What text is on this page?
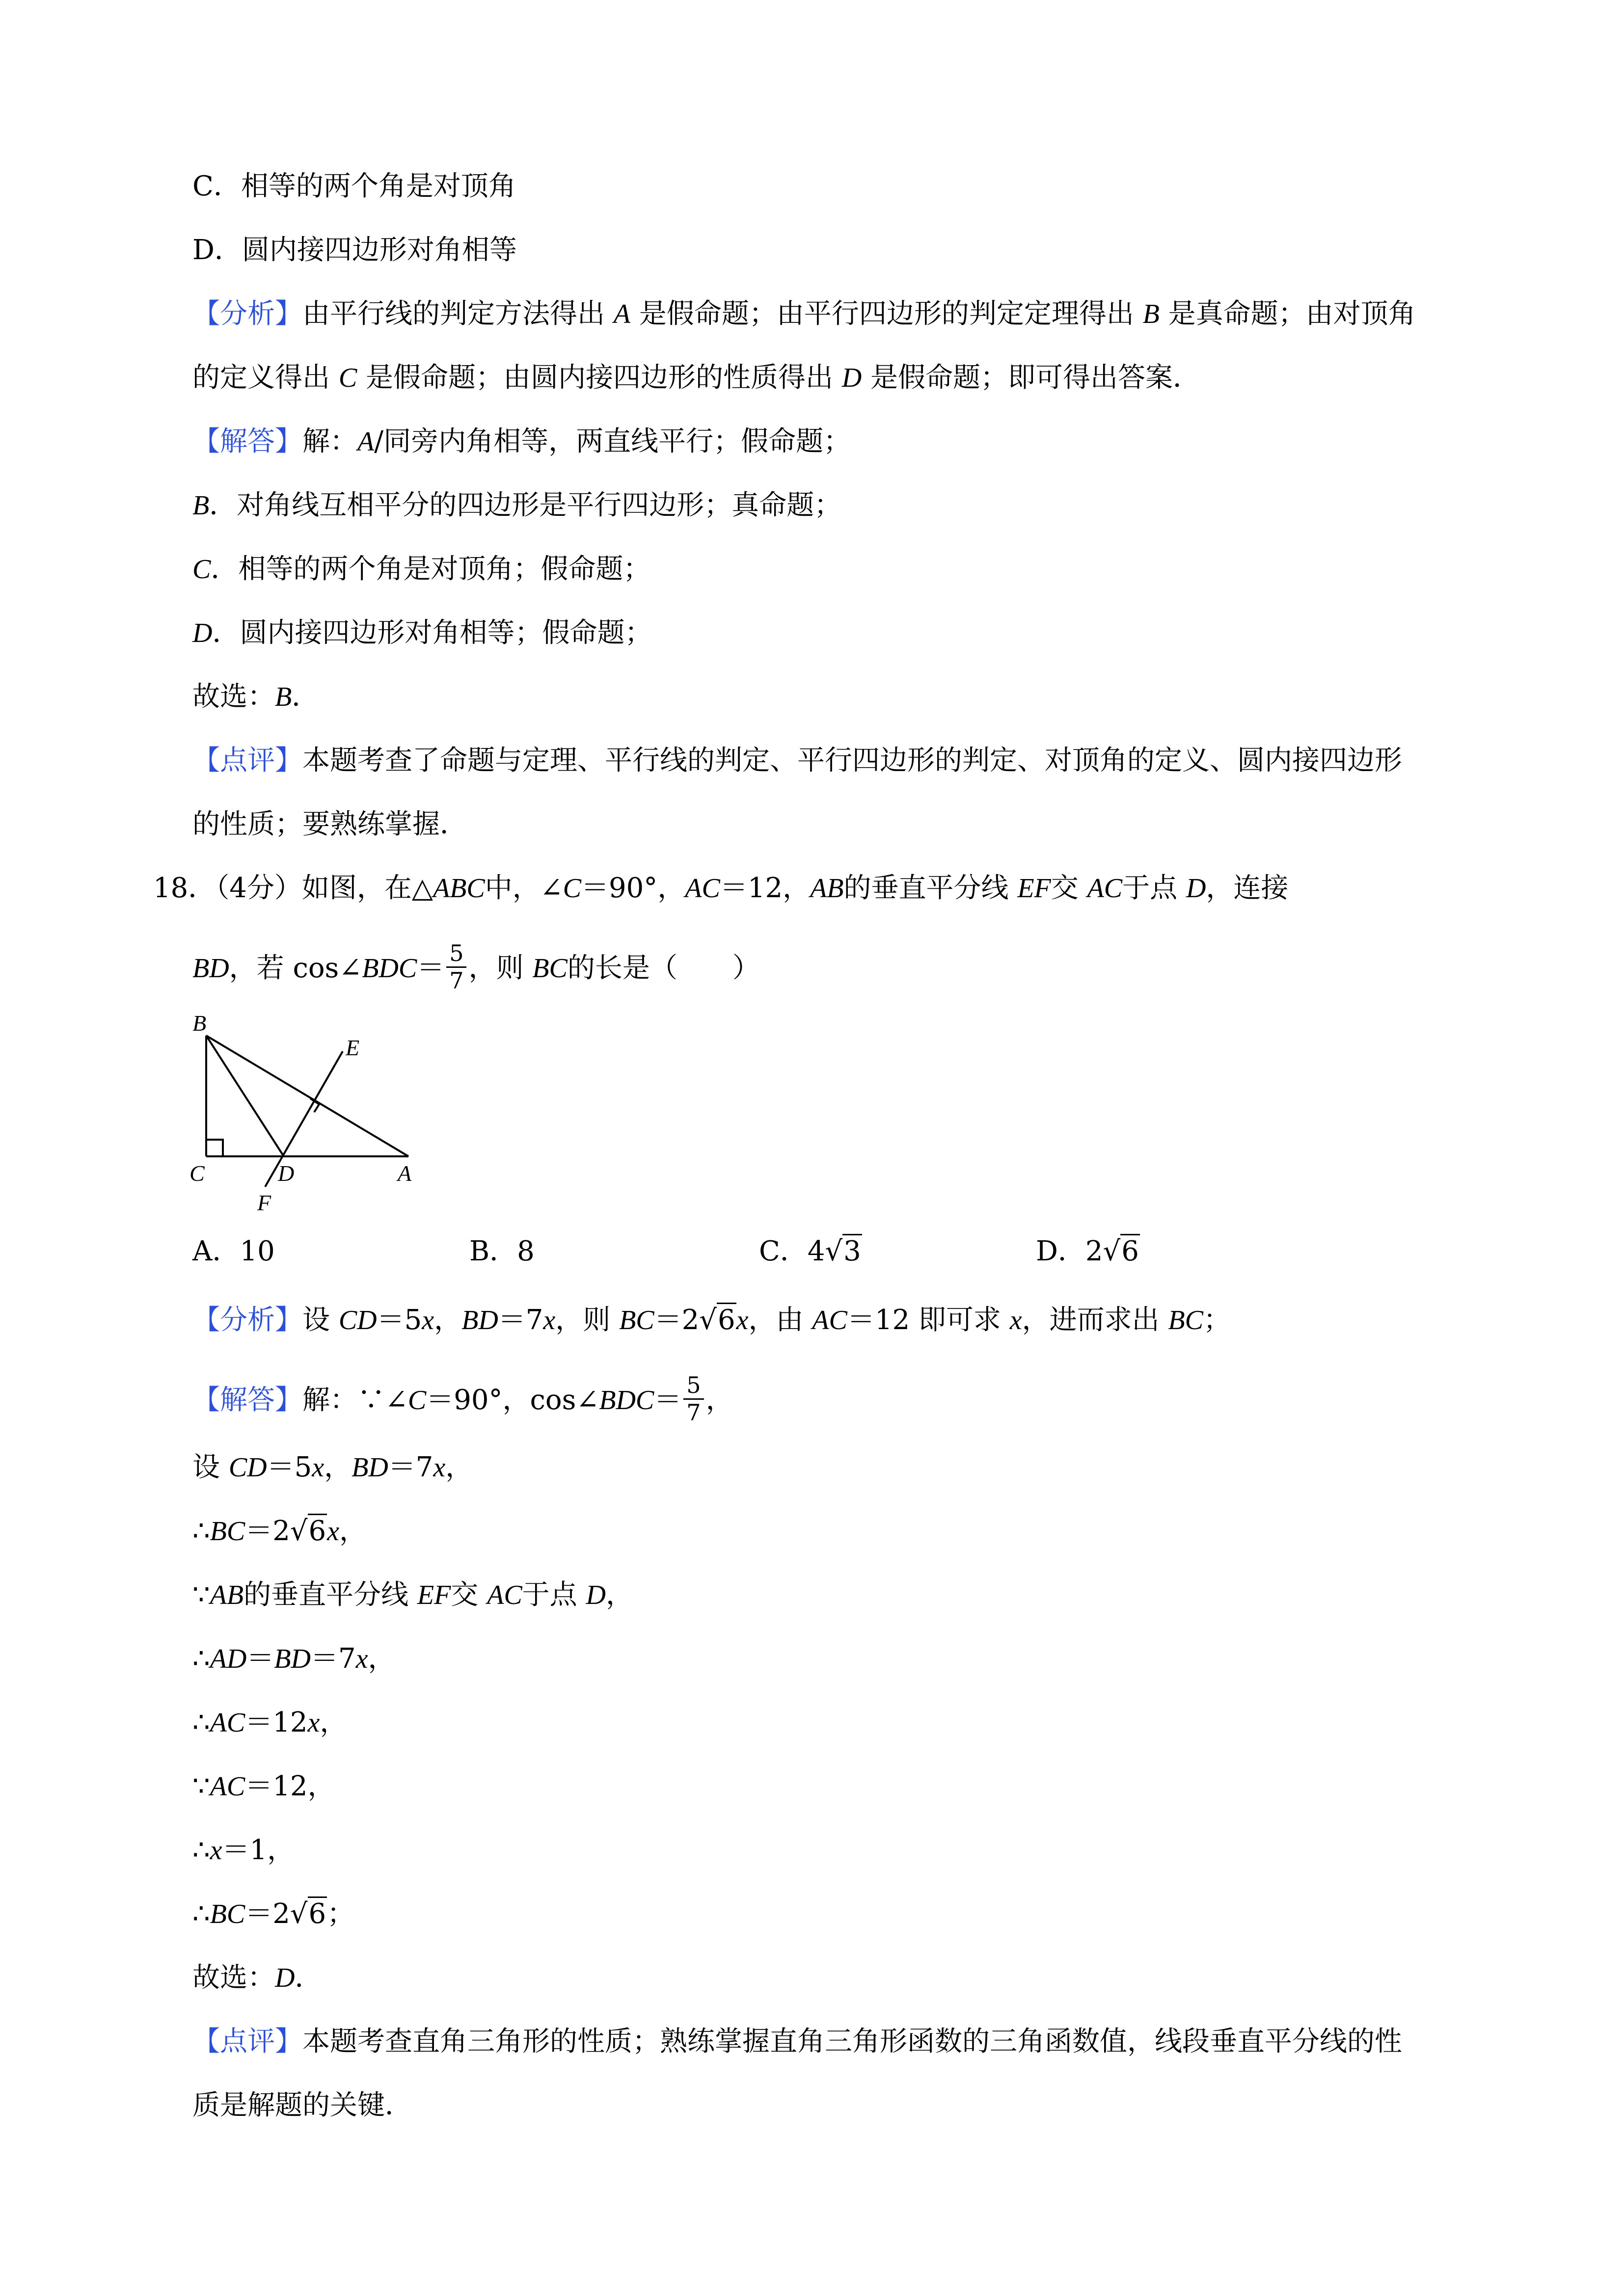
C．相等的两个角是对顶角
D．圆内接四边形对角相等
【分析】由平行线的判定方法得出 A 是假命题；由平行四边形的判定定理得出 B 是真命题；由对顶角
的定义得出 C 是假命题；由圆内接四边形的性质得出 D 是假命题；即可得出答案．
【解答】解：A/同旁内角相等，两直线平行；假命题；
B．对角线互相平分的四边形是平行四边形；真命题；
C．相等的两个角是对顶角；假命题；
D．圆内接四边形对角相等；假命题；
故选：B．
【点评】本题考查了命题与定理、平行线的判定、平行四边形的判定、对顶角的定义、圆内接四边形
的性质；要熟练掌握．
18．（4分）如图，在△ABC中，∠C＝90°，AC＝12，AB的垂直平分线 EF交 AC于点 D，连接
BD，若 cos∠BDC＝ $\frac{5}{7}$ ，则 BC的长是（　　）
B
E
C	D	A
F
A．10	B．8	C．4√3	D．2√6
【分析】设 CD＝5x，BD＝7x，则 BC＝2√6x，由 AC＝12 即可求 x，进而求出 BC；
【解答】解：∵∠C＝90°，cos∠BDC＝ $\frac{5}{7}$ ，
设 CD＝5x，BD＝7x，
∴BC＝2√6x，
∵AB的垂直平分线 EF交 AC于点 D，
∴AD＝BD＝7x，
∴AC＝12x，
∵AC＝12，
∴x＝1，
∴BC＝2√6；
故选：D．
【点评】本题考查直角三角形的性质；熟练掌握直角三角形函数的三角函数值，线段垂直平分线的性
质是解题的关键．
